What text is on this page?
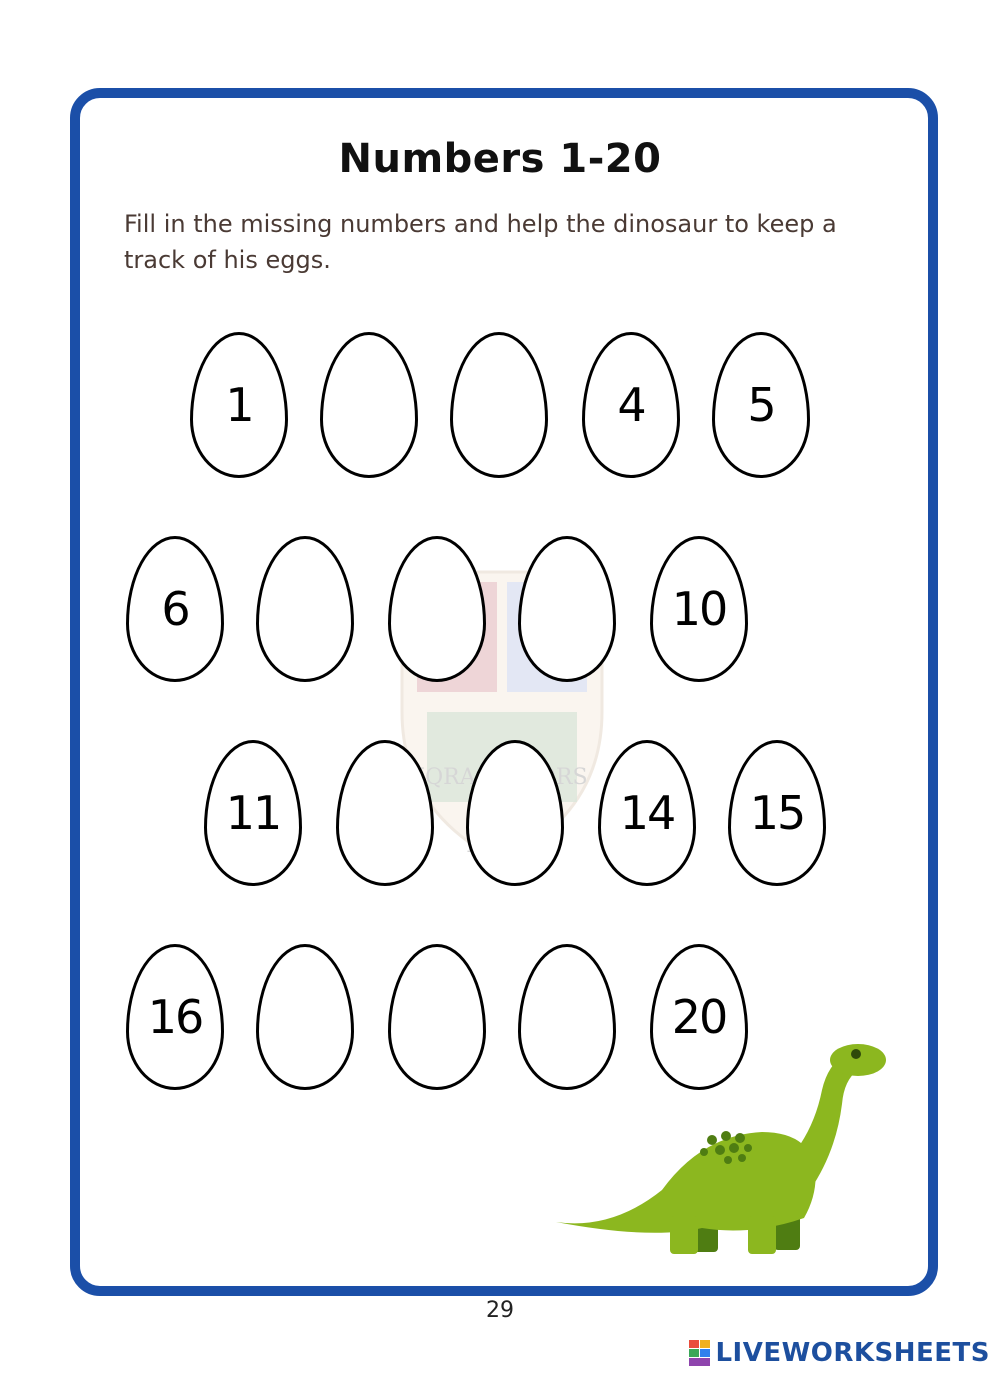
Numbers 1-20
Fill in the missing numbers and help the dinosaur to keep a track of his eggs.
1	4	5
6	10
11	14	15
16	20
29
LIVEWORKSHEETS
